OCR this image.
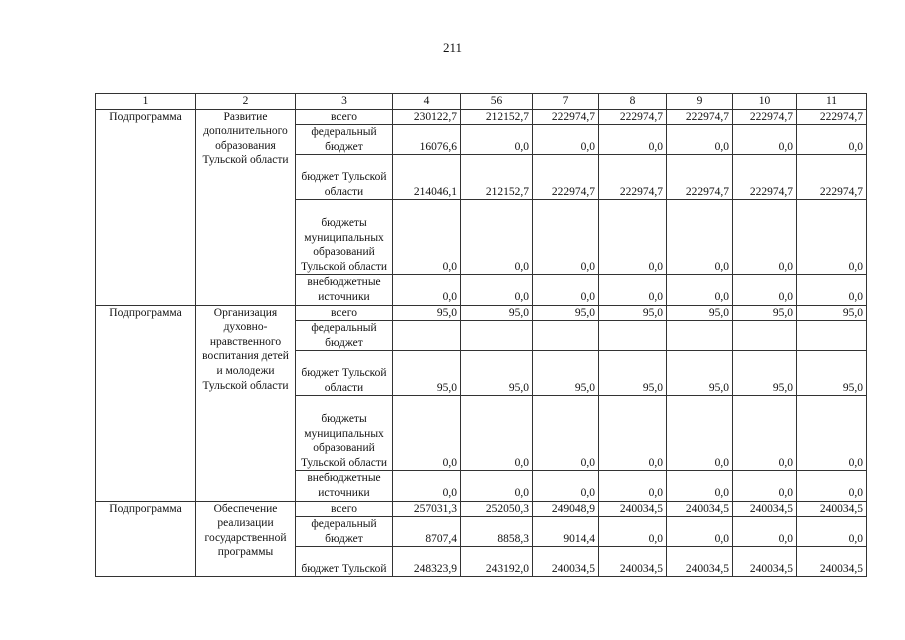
211
1	2	3	4	56	7	8	9	10	11
Подпрограмма	Развитие дополнительного образования Тульской области	всего	230122,7	212152,7	222974,7	222974,7	222974,7	222974,7	222974,7
		федеральный бюджет	16076,6	0,0	0,0	0,0	0,0	0,0	0,0
		бюджет Тульской области	214046,1	212152,7	222974,7	222974,7	222974,7	222974,7	222974,7
		бюджеты муниципальных образований Тульской области	0,0	0,0	0,0	0,0	0,0	0,0	0,0
		внебюджетные источники	0,0	0,0	0,0	0,0	0,0	0,0	0,0
Подпрограмма	Организация духовно-нравственного воспитания детей и молодежи Тульской области	всего	95,0	95,0	95,0	95,0	95,0	95,0	95,0
		федеральный бюджет							
		бюджет Тульской области	95,0	95,0	95,0	95,0	95,0	95,0	95,0
		бюджеты муниципальных образований Тульской области	0,0	0,0	0,0	0,0	0,0	0,0	0,0
		внебюджетные источники	0,0	0,0	0,0	0,0	0,0	0,0	0,0
Подпрограмма	Обеспечение реализации государственной программы	всего	257031,3	252050,3	249048,9	240034,5	240034,5	240034,5	240034,5
		федеральный бюджет	8707,4	8858,3	9014,4	0,0	0,0	0,0	0,0
		бюджет Тульской	248323,9	243192,0	240034,5	240034,5	240034,5	240034,5	240034,5
